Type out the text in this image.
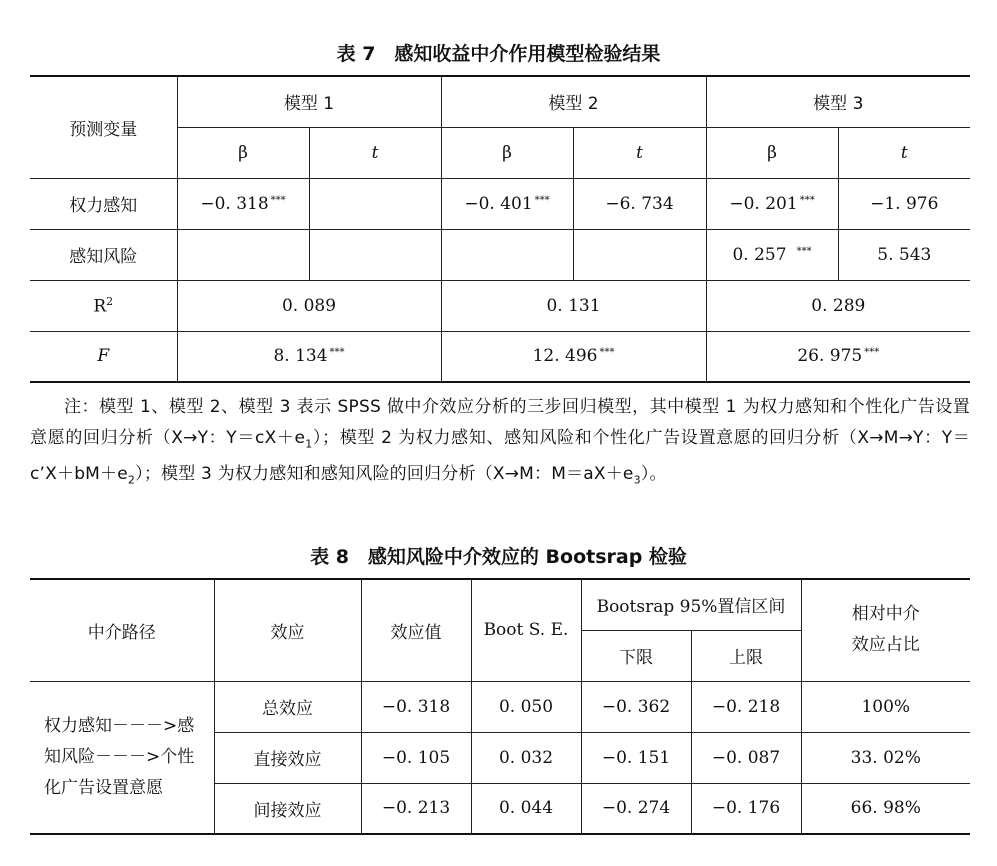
表 7　感知收益中介作用模型检验结果
预测变量	模型 1		模型 2		模型 3	
	β	t	β	t	β	t
权力感知	−0. 318 ***		−0. 401 ***	−6. 734	−0. 201 ***	−1. 976
感知风险					0. 257 ***	5. 543
$R^2$	0. 089		0. 131		0. 289	
F	8. 134 ***		12. 496 ***		26. 975 ***
注：模型 1、模型 2、模型 3 表示 SPSS 做中介效应分析的三步回归模型，其中模型 1 为权力感知和个性化广告设置意愿的回归分析（X→Y：$Y=cX+e_1$）；模型 2 为权力感知、感知风险和个性化广告设置意愿的回归分析（X→M→Y：$Y=c’X+bM+e_2$）；模型 3 为权力感知和感知风险的回归分析（X→M：$M=aX+e_3$）。
表 8　感知风险中介效应的 Bootsrap 检验
中介路径	效应	效应值	Boot S. E.	Bootsrap 95%置信区间		相对中介
效应占比
				下限	上限	
权力感知－－－>感
知风险－－－>个性
化广告设置意愿	总效应	−0. 318	0. 050	−0. 362	−0. 218	100%
	直接效应	−0. 105	0. 032	−0. 151	−0. 087	33. 02%
	间接效应	−0. 213	0. 044	−0. 274	−0. 176	66. 98%
